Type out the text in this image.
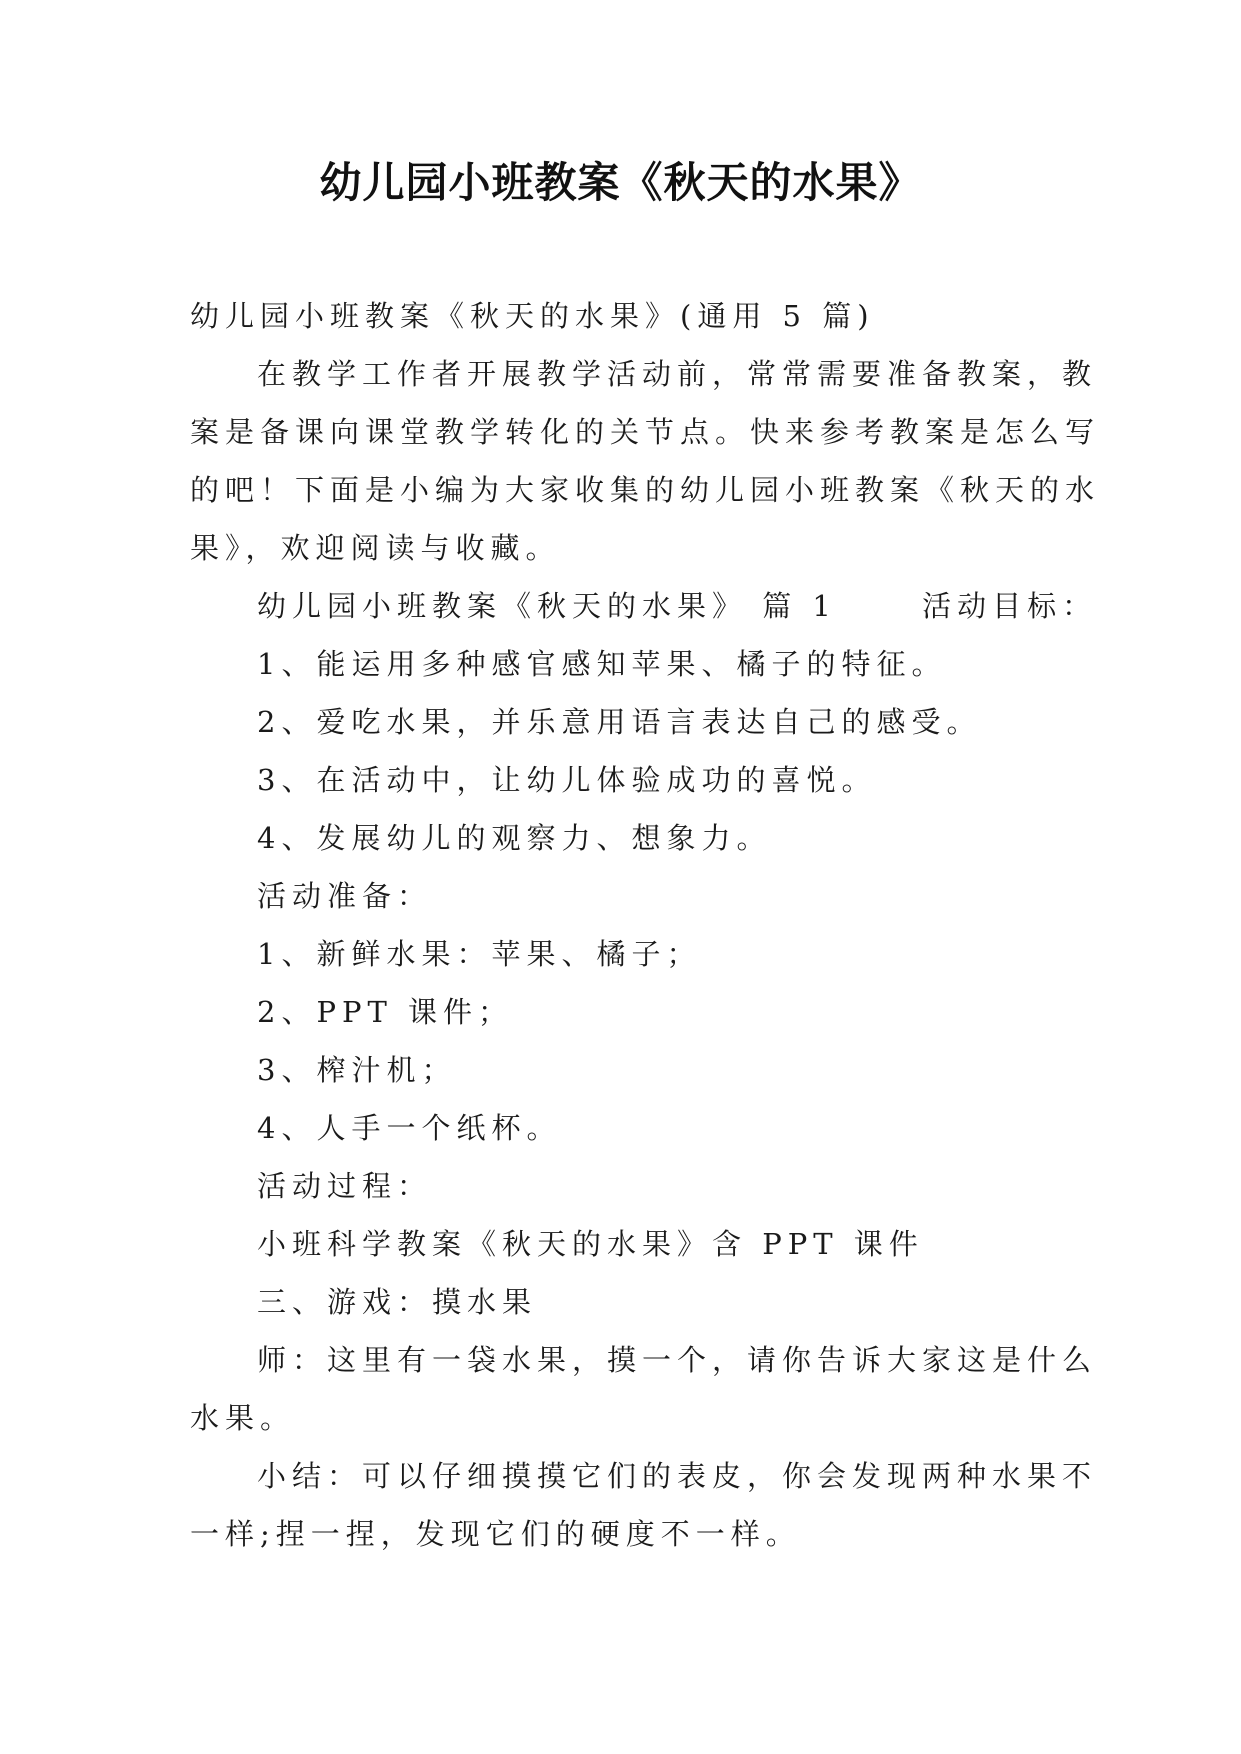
幼儿园小班教案《秋天的水果》
幼儿园小班教案《秋天的水果》(通用 5 篇)
在教学工作者开展教学活动前，常常需要准备教案，教
案是备课向课堂教学转化的关节点。快来参考教案是怎么写
的吧！下面是小编为大家收集的幼儿园小班教案《秋天的水
果》，欢迎阅读与收藏。
幼儿园小班教案《秋天的水果》 篇 1 　　活动目标：
1、能运用多种感官感知苹果、橘子的特征。
2、爱吃水果，并乐意用语言表达自己的感受。
3、在活动中，让幼儿体验成功的喜悦。
4、发展幼儿的观察力、想象力。
活动准备：
1、新鲜水果：苹果、橘子；
2、PPT 课件；
3、榨汁机；
4、人手一个纸杯。
活动过程：
小班科学教案《秋天的水果》含 PPT 课件
三、游戏：摸水果
师：这里有一袋水果，摸一个，请你告诉大家这是什么
水果。
小结：可以仔细摸摸它们的表皮，你会发现两种水果不
一样;捏一捏，发现它们的硬度不一样。
